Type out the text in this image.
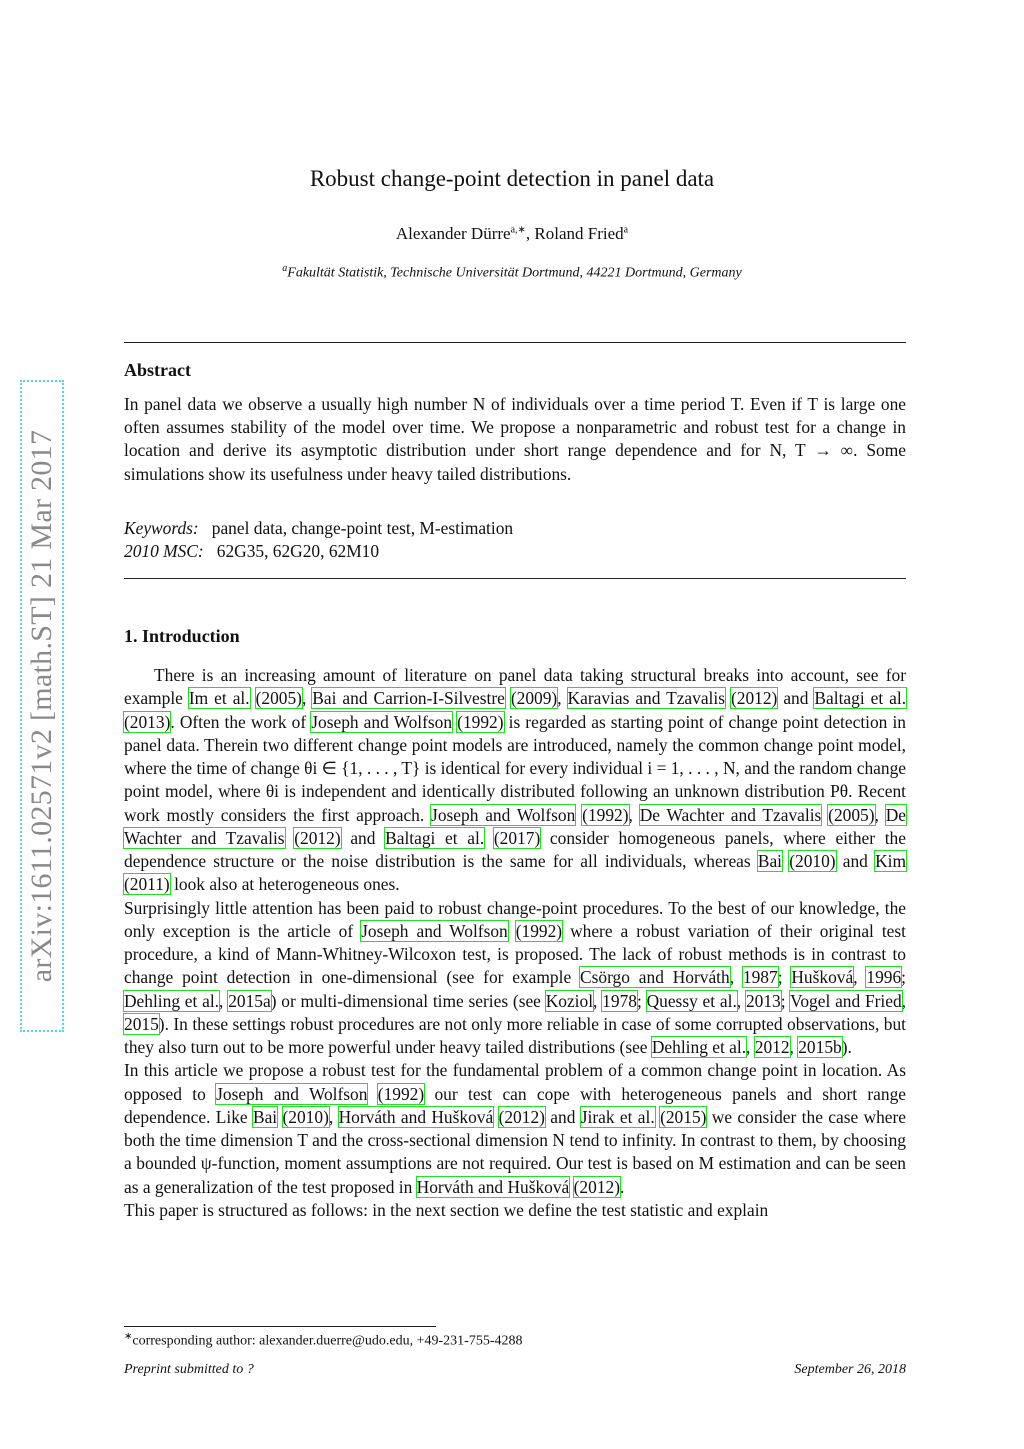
arXiv:1611.02571v2 [math.ST] 21 Mar 2017
Robust change-point detection in panel data
Alexander Dürre$^{a,∗}$, Roland Fried$^a$
$^a$Fakultät Statistik, Technische Universität Dortmund, 44221 Dortmund, Germany
Abstract
In panel data we observe a usually high number N of individuals over a time period T. Even if T is large one often assumes stability of the model over time. We propose a nonparametric and robust test for a change in location and derive its asymptotic distribution under short range dependence and for N, T → ∞. Some simulations show its usefulness under heavy tailed distributions.
Keywords: panel data, change-point test, M-estimation
2010 MSC: 62G35, 62G20, 62M10
1. Introduction

There is an increasing amount of literature on panel data taking structural breaks into account, see for example Im et al. (2005), Bai and Carrion-I-Silvestre (2009), Karavias and Tzavalis (2012) and Baltagi et al. (2013). Often the work of Joseph and Wolfson (1992) is regarded as starting point of change point detection in panel data. Therein two different change point models are introduced, namely the common change point model, where the time of change θi ∈ {1, . . . , T} is identical for every individual i = 1, . . . , N, and the random change point model, where θi is independent and identically distributed following an unknown distribution Pθ. Recent work mostly considers the first approach. Joseph and Wolfson (1992), De Wachter and Tzavalis (2005), De Wachter and Tzavalis (2012) and Baltagi et al. (2017) consider homogeneous panels, where either the dependence structure or the noise distribution is the same for all individuals, whereas Bai (2010) and Kim (2011) look also at heterogeneous ones.

Surprisingly little attention has been paid to robust change-point procedures. To the best of our knowledge, the only exception is the article of Joseph and Wolfson (1992) where a robust variation of their original test procedure, a kind of Mann-Whitney-Wilcoxon test, is proposed. The lack of robust methods is in contrast to change point detection in one-dimensional (see for example Csörgo and Horváth, 1987; Hušková, 1996; Dehling et al., 2015a) or multi-dimensional time series (see Koziol, 1978; Quessy et al., 2013; Vogel and Fried, 2015). In these settings robust procedures are not only more reliable in case of some corrupted observations, but they also turn out to be more powerful under heavy tailed distributions (see Dehling et al., 2012, 2015b).

In this article we propose a robust test for the fundamental problem of a common change point in location. As opposed to Joseph and Wolfson (1992) our test can cope with heterogeneous panels and short range dependence. Like Bai (2010), Horváth and Hušková (2012) and Jirak et al. (2015) we consider the case where both the time dimension T and the cross-sectional dimension N tend to infinity. In contrast to them, by choosing a bounded ψ-function, moment assumptions are not required. Our test is based on M estimation and can be seen as a generalization of the test proposed in Horváth and Hušková (2012).

This paper is structured as follows: in the next section we define the test statistic and explain

∗corresponding author: alexander.duerre@udo.edu, +49-231-755-4288
Preprint submitted to ?	September 26, 2018
